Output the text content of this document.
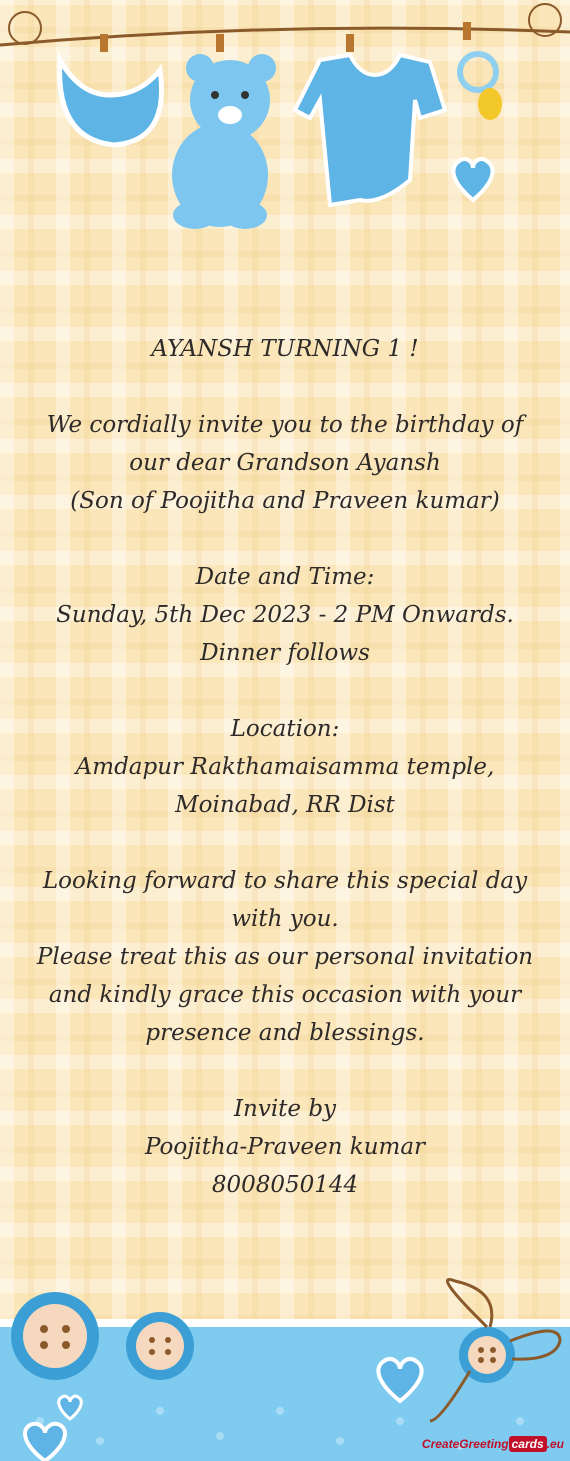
AYANSH TURNING 1 !

We cordially invite you to the birthday of

our dear Grandson Ayansh

(Son of Poojitha and Praveen kumar)

Date and Time:

Sunday, 5th Dec 2023 - 2 PM Onwards.

Dinner follows

Location:

Amdapur Rakthamaisamma temple,

Moinabad, RR Dist

Looking forward to share this special day

with you.

Please treat this as our personal invitation

and kindly grace this occasion with your

presence and blessings.

Invite by

Poojitha-Praveen kumar

8008050144

CreateGreeting cards .eu
